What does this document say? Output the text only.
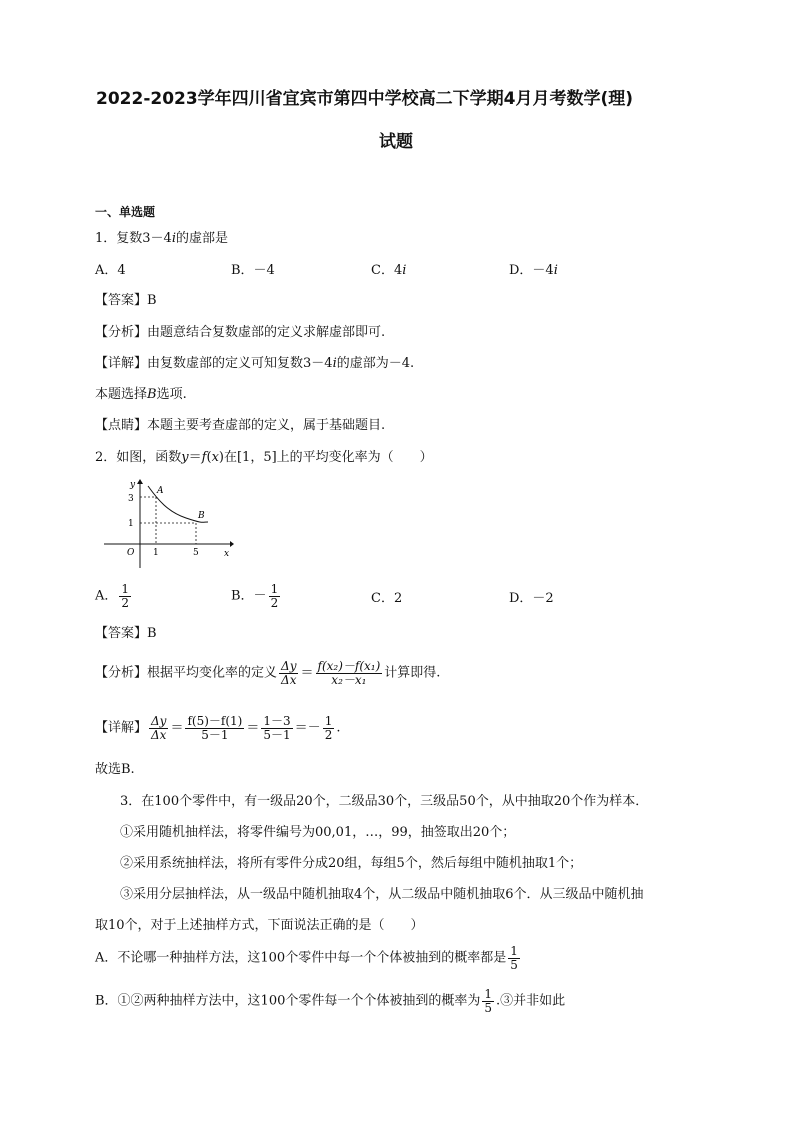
2022-2023学年四川省宜宾市第四中学校高二下学期4月月考数学(理)
试题
一、单选题
1．复数3－4i的虚部是
A．4	B．－4	C．4i	D．－4i
【答案】B
【分析】由题意结合复数虚部的定义求解虚部即可.
【详解】由复数虚部的定义可知复数3－4i的虚部为－4.
本题选择B选项.
【点睛】本题主要考查虚部的定义，属于基础题目.
2．如图，函数y＝f(x)在[1，5]上的平均变化率为（　　）
y
x
O
3
1
1	5
A
B
A． $\frac{1}{2}$	B．－ $\frac{1}{2}$	C．2	D．－2
【答案】B
【分析】根据平均变化率的定义 $\frac{\Delta y}{\Delta x} = \frac{\text{f(x₂)－f(x₁)}}{\text{x₂－x₁}}$ 计算即得.
【详解】 $\frac{\Delta y}{\Delta x} = \frac{f(5)-f(1)}{5-1} = \frac{1-3}{5-1} =- \frac{1}{2}$ .
故选B.
3．在100个零件中，有一级品20个，二级品30个，三级品50个，从中抽取20个作为样本．
①采用随机抽样法，将零件编号为00,01，…，99，抽签取出20个；
②采用系统抽样法，将所有零件分成20组，每组5个，然后每组中随机抽取1个；
③采用分层抽样法，从一级品中随机抽取4个，从二级品中随机抽取6个．从三级品中随机抽
取10个，对于上述抽样方式，下面说法正确的是（　　）
A．不论哪一种抽样方法，这100个零件中每一个个体被抽到的概率都是 $\frac{1}{5}$
B．①②两种抽样方法中，这100个零件每一个个体被抽到的概率为 $\frac{1}{5}$ .③并非如此
